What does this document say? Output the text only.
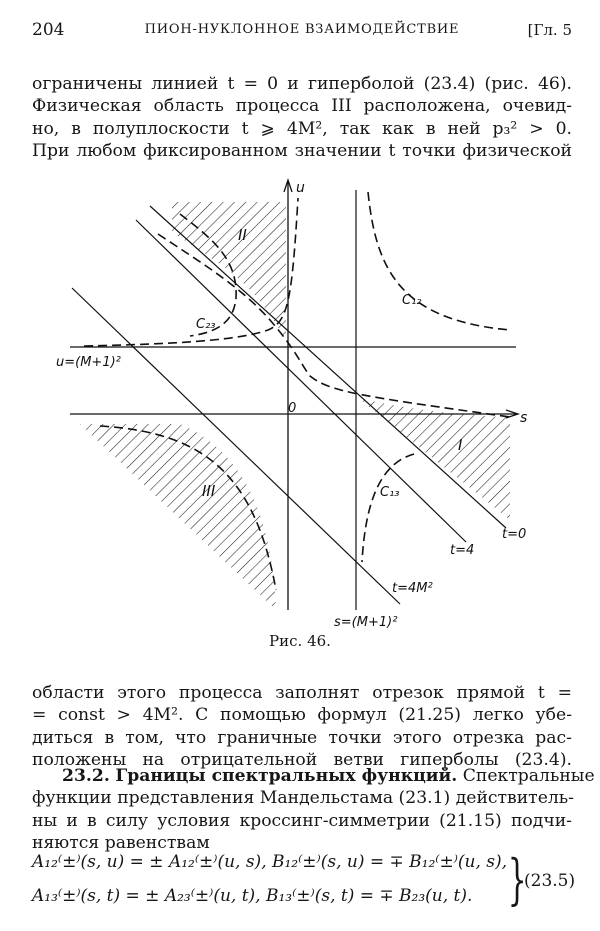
204	ПИОН-НУКЛОННОЕ ВЗАИМОДЕЙСТВИЕ	[Гл. 5
ограничены линией t = 0 и гиперболой (23.4) (рис. 46).
Физическая область процесса III расположена, очевид-
но, в полуплоскости t ⩾ 4M², так как в ней p₃² > 0.
При любом фиксированном значении t точки физической
u
s
0
II
I
III
C₁₂
C₂₃
C₁₃
u=(M+1)²
s=(M+1)²
t=0
t=4
t=4M²
Рис. 46.
области этого процесса заполнят отрезок прямой t =
= const > 4M². С помощью формул (21.25) легко убе-
диться в том, что граничные точки этого отрезка рас-
положены на отрицательной ветви гиперболы (23.4).
23.2. Границы спектральных функций. Спектральные
функции представления Мандельстама (23.1) действитель-
ны и в силу условия кроссинг-симметрии (21.15) подчи-
няются равенствам
A₁₂⁽±⁾(s, u) = ± A₁₂⁽±⁾(u, s), B₁₂⁽±⁾(s, u) = ∓ B₁₂⁽±⁾(u, s),
A₁₃⁽±⁾(s, t) = ± A₂₃⁽±⁾(u, t), B₁₃⁽±⁾(s, t) = ∓ B₂₃(u, t). }
(23.5)
